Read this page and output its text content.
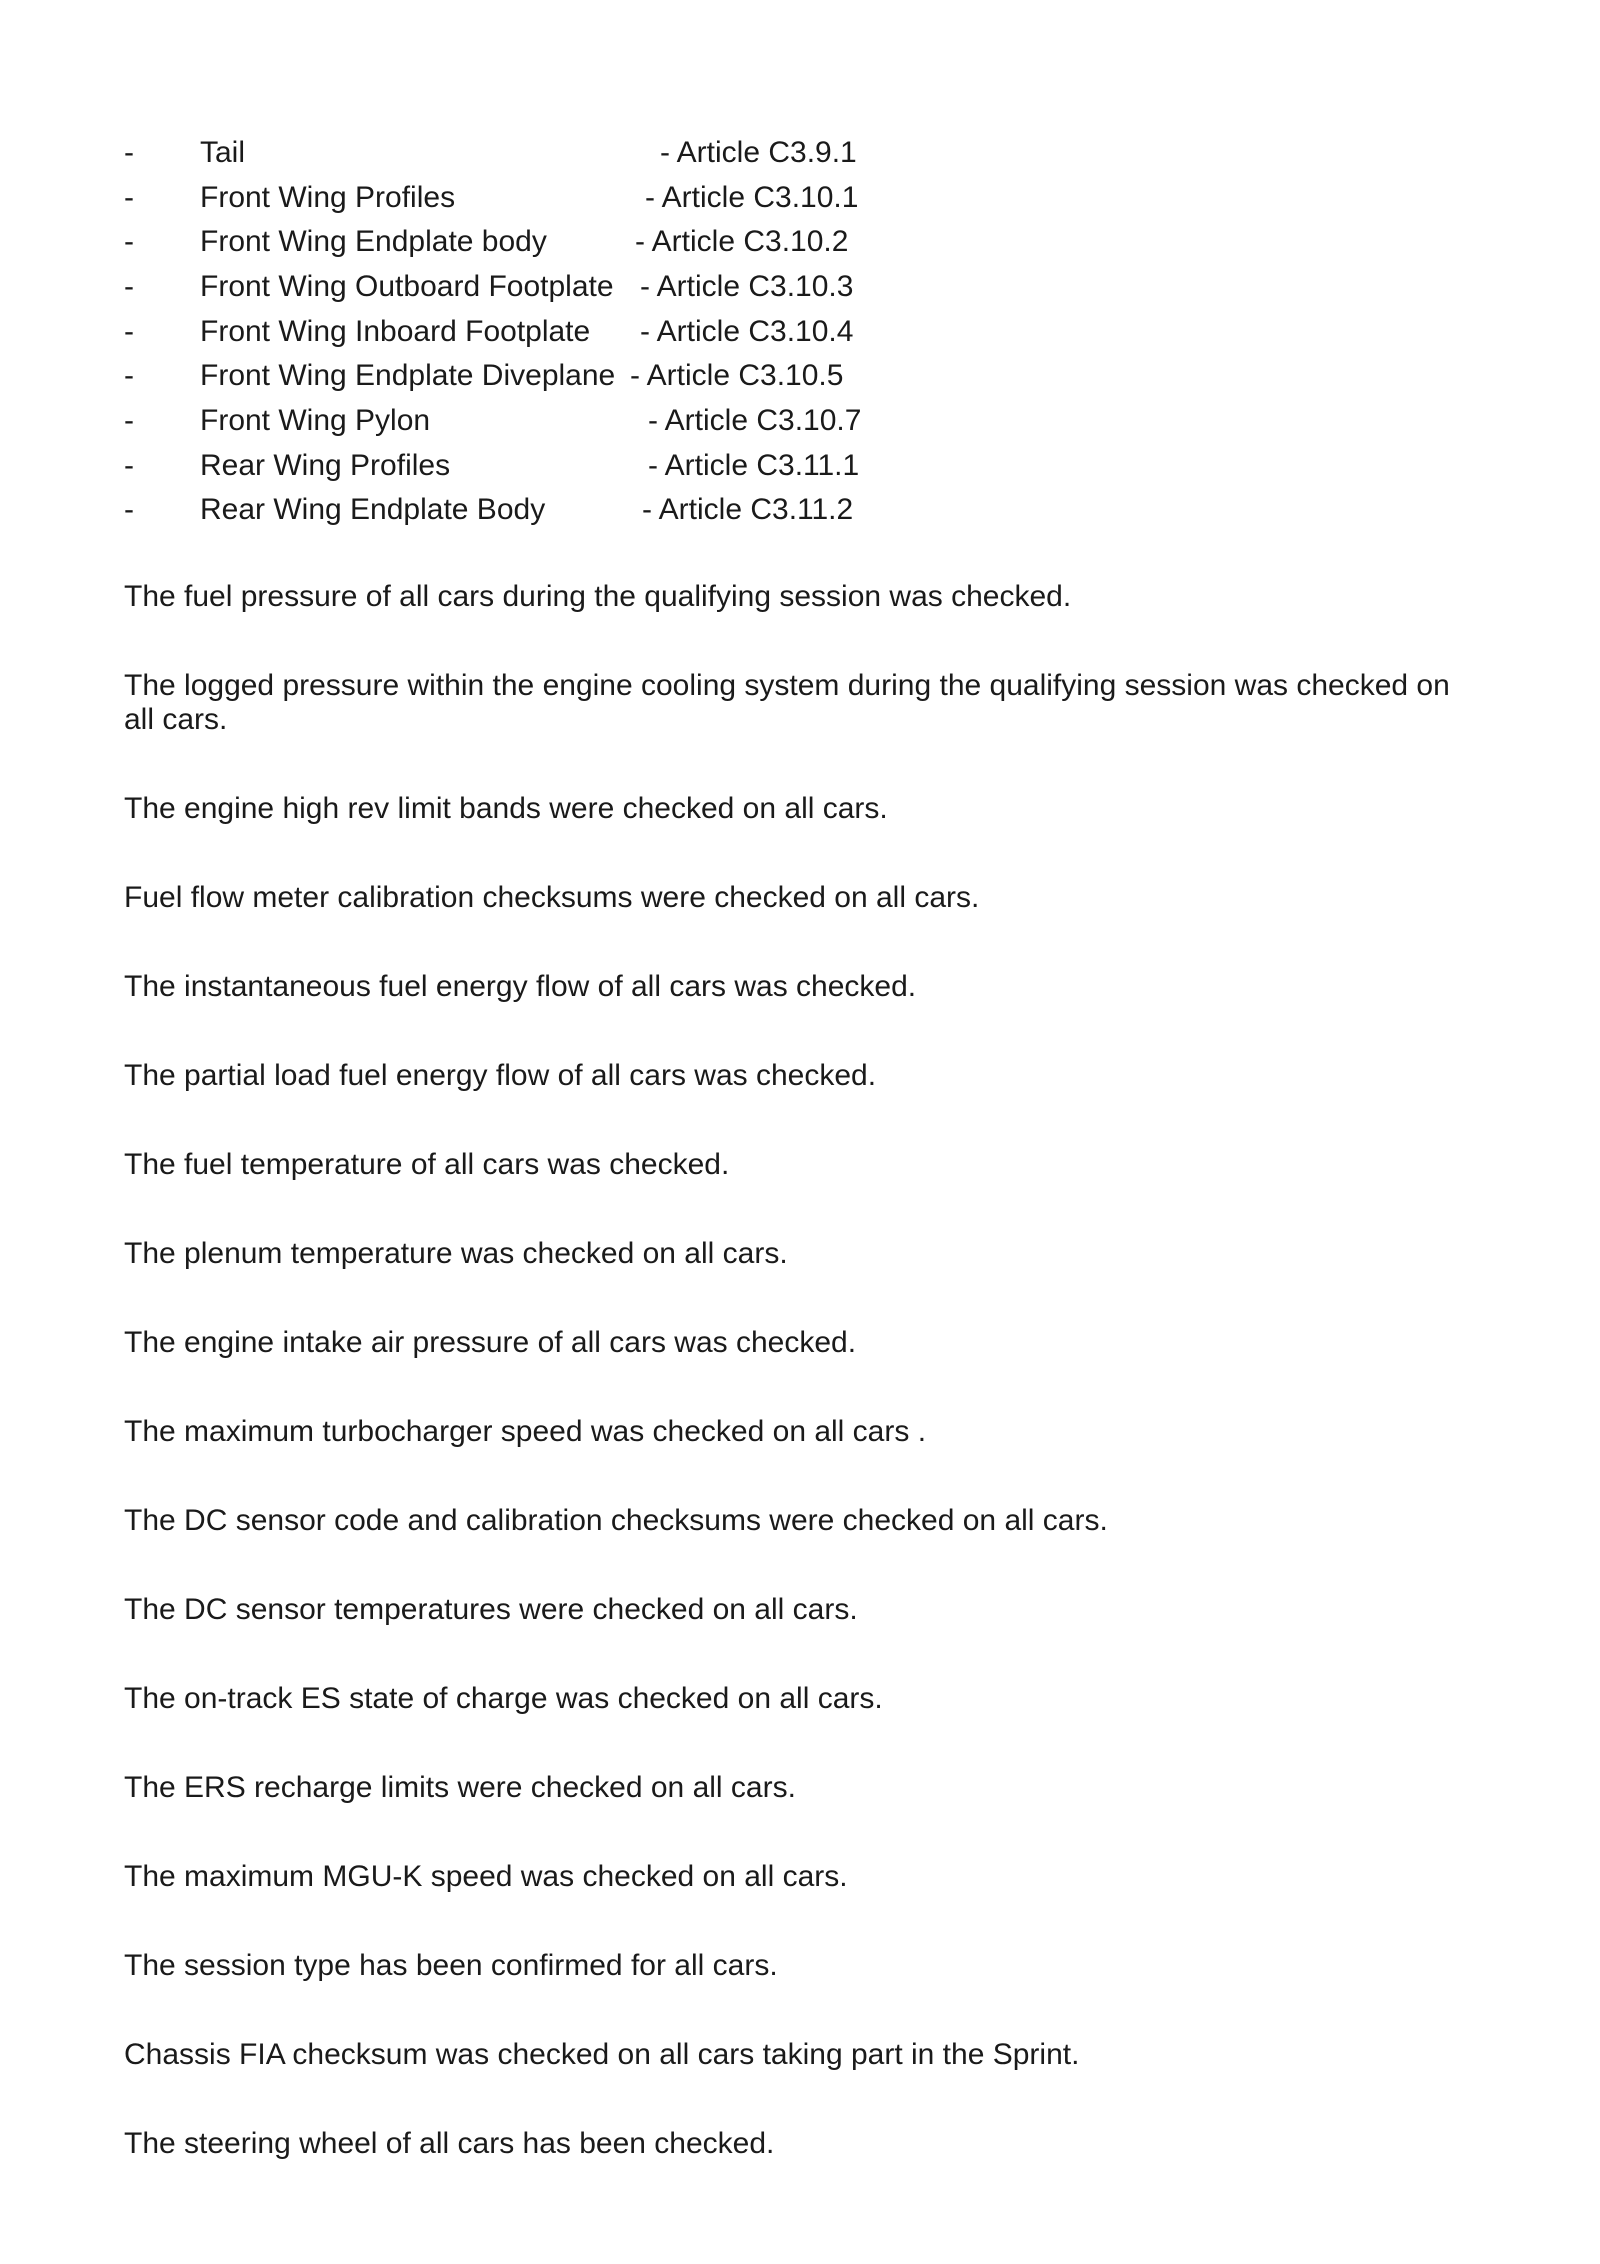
- Tail	- Article C3.9.1
- Front Wing Profiles	- Article C3.10.1
- Front Wing Endplate body	- Article C3.10.2
- Front Wing Outboard Footplate - Article C3.10.3
- Front Wing Inboard Footplate - Article C3.10.4
- Front Wing Endplate Diveplane - Article C3.10.5
- Front Wing Pylon	- Article C3.10.7
- Rear Wing Profiles	- Article C3.11.1
- Rear Wing Endplate Body	- Article C3.11.2

The fuel pressure of all cars during the qualifying session was checked.

The logged pressure within the engine cooling system during the qualifying session was checked on all cars.

The engine high rev limit bands were checked on all cars.

Fuel flow meter calibration checksums were checked on all cars.

The instantaneous fuel energy flow of all cars was checked.

The partial load fuel energy flow of all cars was checked.

The fuel temperature of all cars was checked.

The plenum temperature was checked on all cars.

The engine intake air pressure of all cars was checked.

The maximum turbocharger speed was checked on all cars .

The DC sensor code and calibration checksums were checked on all cars.

The DC sensor temperatures were checked on all cars.

The on-track ES state of charge was checked on all cars.

The ERS recharge limits were checked on all cars.

The maximum MGU-K speed was checked on all cars.

The session type has been confirmed for all cars.

Chassis FIA checksum was checked on all cars taking part in the Sprint.

The steering wheel of all cars has been checked.
